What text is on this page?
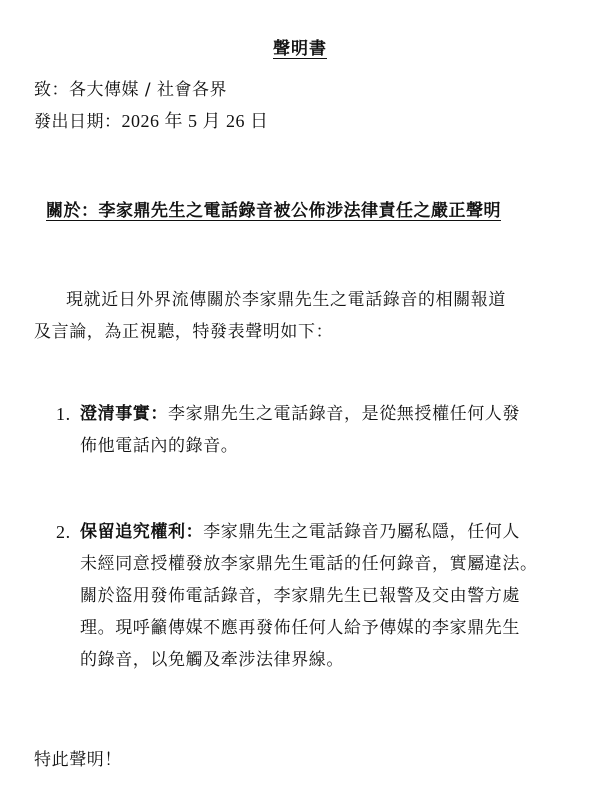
聲明書
致：各大傳媒 / 社會各界
發出日期：2026 年 5 月 26 日
關於：李家鼎先生之電話錄音被公佈涉法律責任之嚴正聲明
現就近日外界流傳關於李家鼎先生之電話錄音的相關報道
及言論，為正視聽，特發表聲明如下：
1. 澄清事實：李家鼎先生之電話錄音，是從無授權任何人發
佈他電話內的錄音。
2. 保留追究權利：李家鼎先生之電話錄音乃屬私隱，任何人
未經同意授權發放李家鼎先生電話的任何錄音，實屬違法。
關於盜用發佈電話錄音，李家鼎先生已報警及交由警方處
理。現呼籲傳媒不應再發佈任何人給予傳媒的李家鼎先生
的錄音，以免觸及牽涉法律界線。
特此聲明！
